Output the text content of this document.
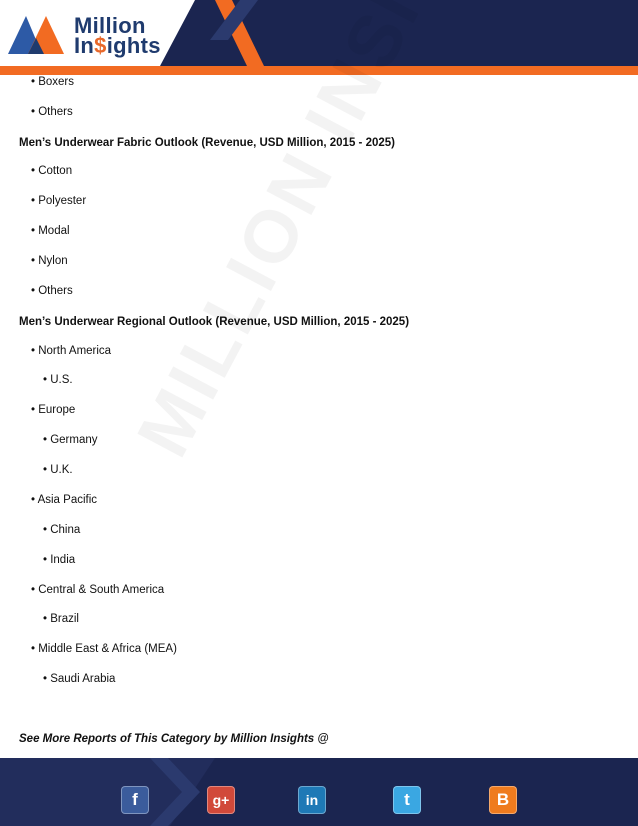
Million
In$ights
• Boxers
• Others
Men’s Underwear Fabric Outlook (Revenue, USD Million, 2015 - 2025)
• Cotton
• Polyester
• Modal
• Nylon
• Others
Men’s Underwear Regional Outlook (Revenue, USD Million, 2015 - 2025)
• North America
• U.S.
• Europe
• Germany
• U.K.
• Asia Pacific
• China
• India
• Central & South America
• Brazil
• Middle East & Africa (MEA)
• Saudi Arabia
See More Reports of This Category by Million Insights @
f	g+	in	t	B
